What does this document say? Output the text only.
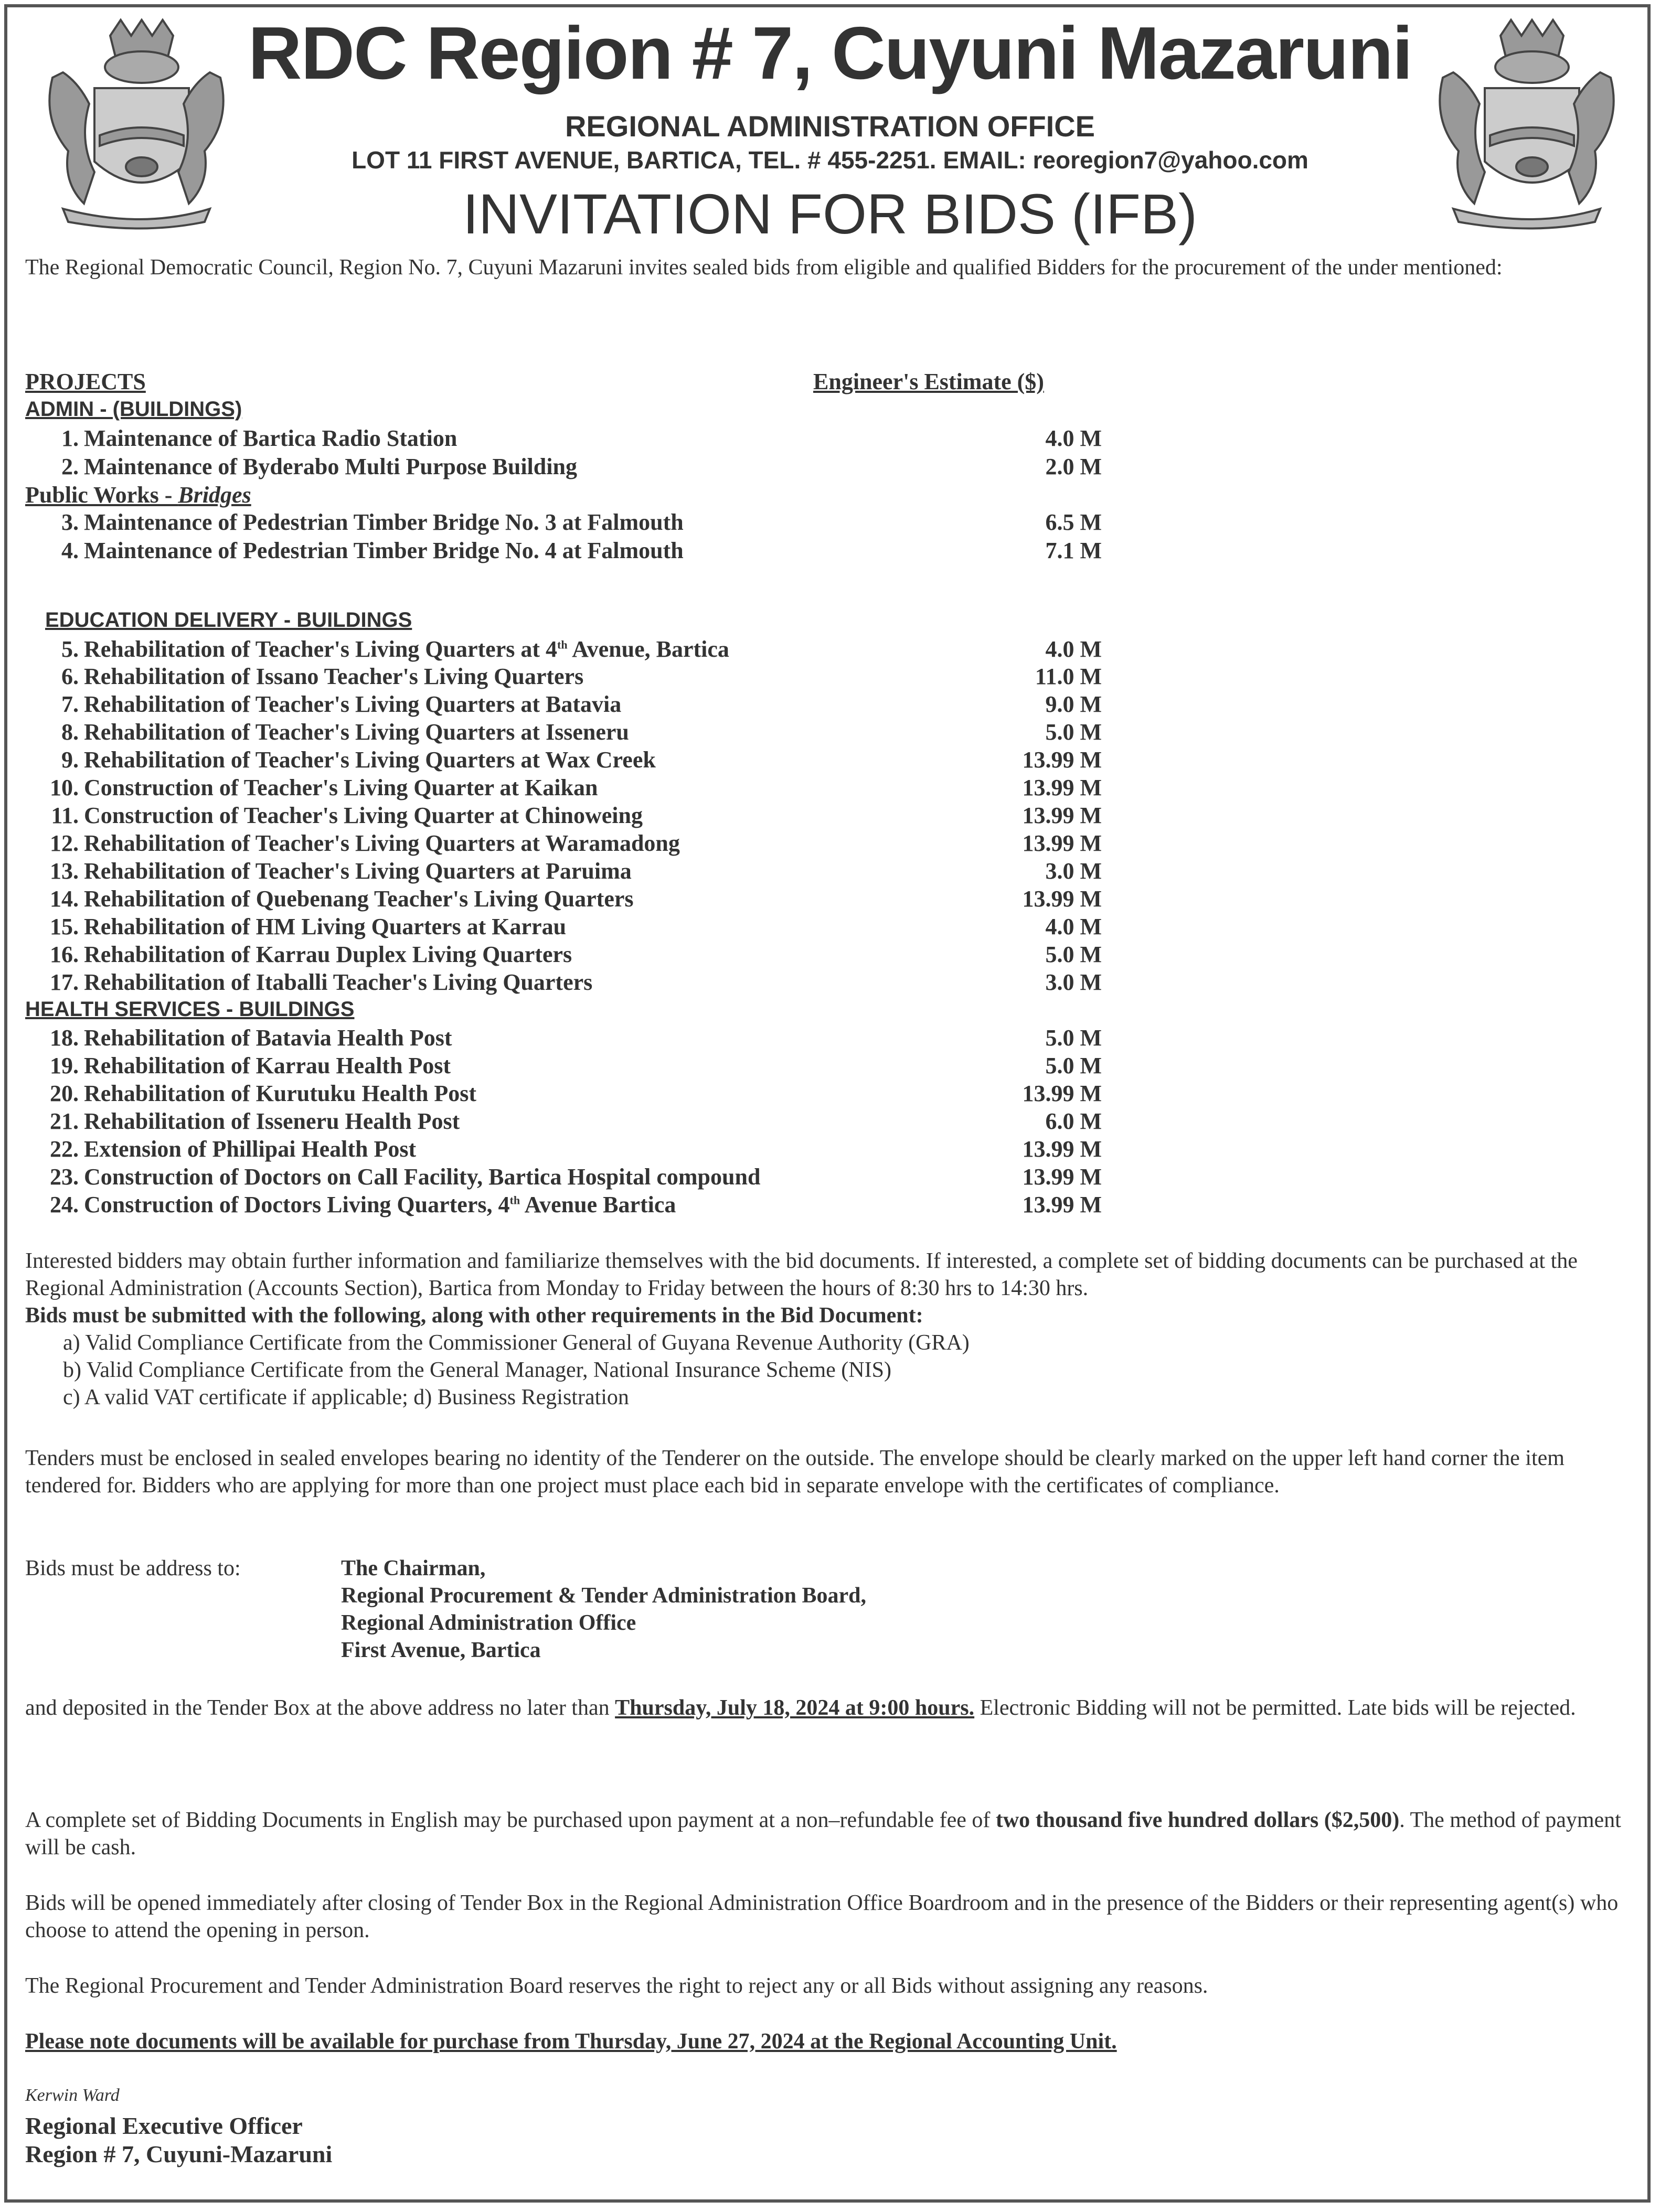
RDC Region # 7, Cuyuni Mazaruni
REGIONAL ADMINISTRATION OFFICE
LOT 11 FIRST AVENUE, BARTICA, TEL. # 455-2251. EMAIL: reoregion7@yahoo.com
INVITATION FOR BIDS (IFB)
The Regional Democratic Council, Region No. 7, Cuyuni Mazaruni invites sealed bids from eligible and qualified Bidders for the procurement of the under mentioned:
PROJECTS	Engineer's Estimate ($)
ADMIN - (BUILDINGS)
Public Works - Bridges
EDUCATION DELIVERY - BUILDINGS
HEALTH SERVICES - BUILDINGS
1. Maintenance of Bartica Radio Station	4.0 M
2. Maintenance of Byderabo Multi Purpose Building	2.0 M
3. Maintenance of Pedestrian Timber Bridge No. 3 at Falmouth	6.5 M
4. Maintenance of Pedestrian Timber Bridge No. 4 at Falmouth	7.1 M
5. Rehabilitation of Teacher's Living Quarters at 4th Avenue, Bartica	4.0 M
6. Rehabilitation of Issano Teacher's Living Quarters	11.0 M
7. Rehabilitation of Teacher's Living Quarters at Batavia	9.0 M
8. Rehabilitation of Teacher's Living Quarters at Isseneru	5.0 M
9. Rehabilitation of Teacher's Living Quarters at Wax Creek	13.99 M
10. Construction of Teacher's Living Quarter at Kaikan	13.99 M
11. Construction of Teacher's Living Quarter at Chinoweing	13.99 M
12. Rehabilitation of Teacher's Living Quarters at Waramadong	13.99 M
13. Rehabilitation of Teacher's Living Quarters at Paruima	3.0 M
14. Rehabilitation of Quebenang Teacher's Living Quarters	13.99 M
15. Rehabilitation of HM Living Quarters at Karrau	4.0 M
16. Rehabilitation of Karrau Duplex Living Quarters	5.0 M
17. Rehabilitation of Itaballi Teacher's Living Quarters	3.0 M
18. Rehabilitation of Batavia Health Post	5.0 M
19. Rehabilitation of Karrau Health Post	5.0 M
20. Rehabilitation of Kurutuku Health Post	13.99 M
21. Rehabilitation of Isseneru Health Post	6.0 M
22. Extension of Phillipai Health Post	13.99 M
23. Construction of Doctors on Call Facility, Bartica Hospital compound	13.99 M
24. Construction of Doctors Living Quarters, 4th Avenue Bartica	13.99 M
Interested bidders may obtain further information and familiarize themselves with the bid documents. If interested, a complete set of bidding documents can be purchased at the Regional Administration (Accounts Section), Bartica from Monday to Friday between the hours of 8:30 hrs to 14:30 hrs.
Bids must be submitted with the following, along with other requirements in the Bid Document:
a) Valid Compliance Certificate from the Commissioner General of Guyana Revenue Authority (GRA)
b) Valid Compliance Certificate from the General Manager, National Insurance Scheme (NIS)
c) A valid VAT certificate if applicable; d) Business Registration
Tenders must be enclosed in sealed envelopes bearing no identity of the Tenderer on the outside. The envelope should be clearly marked on the upper left hand corner the item tendered for. Bidders who are applying for more than one project must place each bid in separate envelope with the certificates of compliance.
Bids must be address to:	The Chairman,
Regional Procurement & Tender Administration Board,
Regional Administration Office
First Avenue, Bartica
and deposited in the Tender Box at the above address no later than Thursday, July 18, 2024 at 9:00 hours. Electronic Bidding will not be permitted. Late bids will be rejected.
A complete set of Bidding Documents in English may be purchased upon payment at a non–refundable fee of two thousand five hundred dollars ($2,500). The method of payment will be cash.
Bids will be opened immediately after closing of Tender Box in the Regional Administration Office Boardroom and in the presence of the Bidders or their representing agent(s) who choose to attend the opening in person.
The Regional Procurement and Tender Administration Board reserves the right to reject any or all Bids without assigning any reasons.
Please note documents will be available for purchase from Thursday, June 27, 2024 at the Regional Accounting Unit.
Kerwin Ward
Regional Executive Officer
Region # 7, Cuyuni-Mazaruni
